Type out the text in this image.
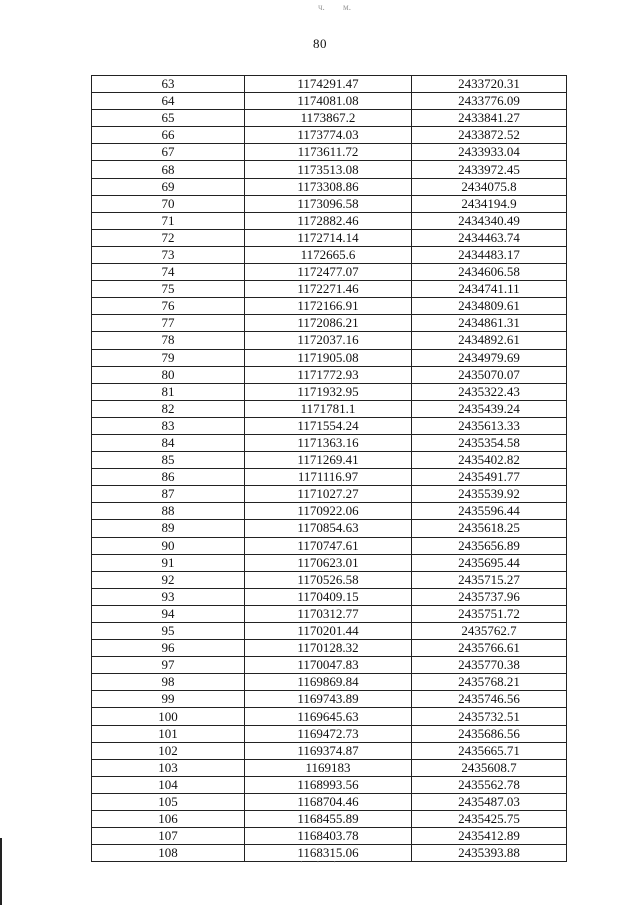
ч. м.
80
63	1174291.47	2433720.31
64	1174081.08	2433776.09
65	1173867.2	2433841.27
66	1173774.03	2433872.52
67	1173611.72	2433933.04
68	1173513.08	2433972.45
69	1173308.86	2434075.8
70	1173096.58	2434194.9
71	1172882.46	2434340.49
72	1172714.14	2434463.74
73	1172665.6	2434483.17
74	1172477.07	2434606.58
75	1172271.46	2434741.11
76	1172166.91	2434809.61
77	1172086.21	2434861.31
78	1172037.16	2434892.61
79	1171905.08	2434979.69
80	1171772.93	2435070.07
81	1171932.95	2435322.43
82	1171781.1	2435439.24
83	1171554.24	2435613.33
84	1171363.16	2435354.58
85	1171269.41	2435402.82
86	1171116.97	2435491.77
87	1171027.27	2435539.92
88	1170922.06	2435596.44
89	1170854.63	2435618.25
90	1170747.61	2435656.89
91	1170623.01	2435695.44
92	1170526.58	2435715.27
93	1170409.15	2435737.96
94	1170312.77	2435751.72
95	1170201.44	2435762.7
96	1170128.32	2435766.61
97	1170047.83	2435770.38
98	1169869.84	2435768.21
99	1169743.89	2435746.56
100	1169645.63	2435732.51
101	1169472.73	2435686.56
102	1169374.87	2435665.71
103	1169183	2435608.7
104	1168993.56	2435562.78
105	1168704.46	2435487.03
106	1168455.89	2435425.75
107	1168403.78	2435412.89
108	1168315.06	2435393.88
· · ·
